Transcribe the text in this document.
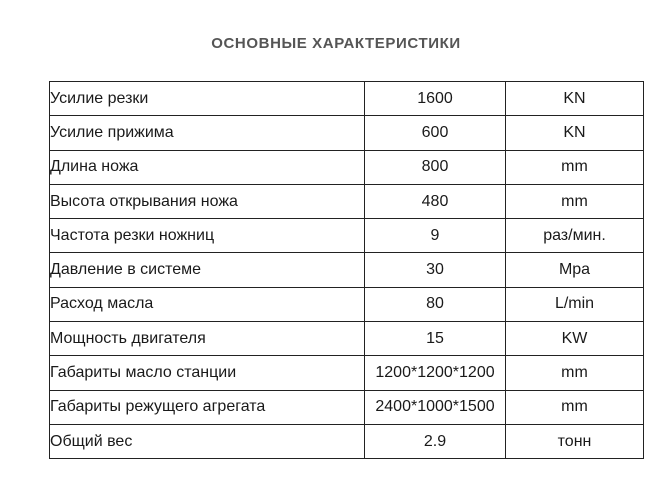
ОСНОВНЫЕ ХАРАКТЕРИСТИКИ
Усилие резки	1600	KN
Усилие прижима	600	KN
Длина ножа	800	mm
Высота открывания ножа	480	mm
Частота резки ножниц	9	раз/мин.
Давление в системе	30	Mpa
Расход масла	80	L/min
Мощность двигателя	15	KW
Габариты масло станции	1200*1200*1200	mm
Габариты режущего агрегата	2400*1000*1500	mm
Общий вес	2.9	тонн
